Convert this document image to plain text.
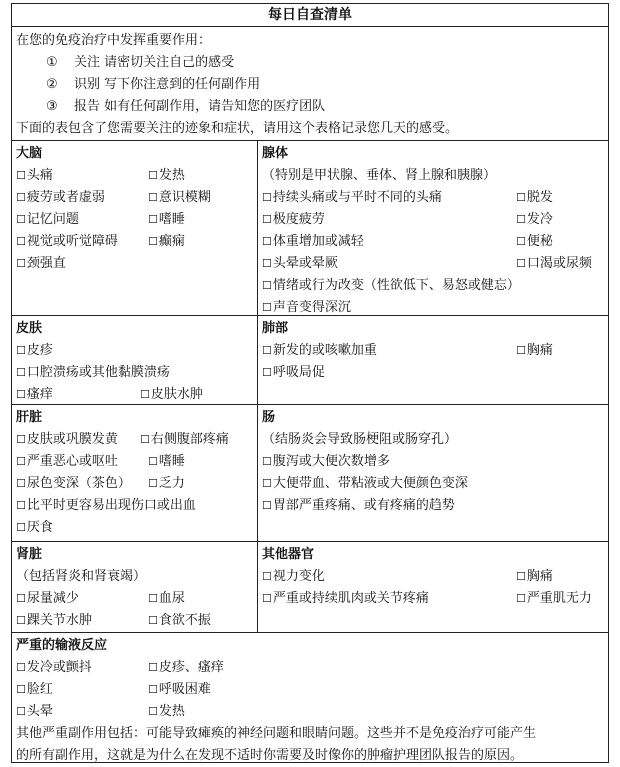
每日自查清单
在您的免疫治疗中发挥重要作用：
① 关注 请密切关注自己的感受
② 识别 写下你注意到的任何副作用
③ 报告 如有任何副作用，请告知您的医疗团队
下面的表包含了您需要关注的迹象和症状，请用这个表格记录您几天的感受。
大脑
☐头痛	☐发热
☐疲劳或者虚弱	☐意识模糊
☐记忆问题	☐嗜睡
☐视觉或听觉障碍	☐癫痫
☐颈强直
腺体
（特别是甲状腺、垂体、肾上腺和胰腺）
☐持续头痛或与平时不同的头痛	☐脱发
☐极度疲劳	☐发冷
☐体重增加或减轻	☐便秘
☐头晕或晕厥	☐口渴或尿频
☐情绪或行为改变（性欲低下、易怒或健忘）
☐声音变得深沉
皮肤
☐皮疹
☐口腔溃疡或其他黏膜溃疡
☐瘙痒	☐皮肤水肿
肺部
☐新发的或咳嗽加重	☐胸痛
☐呼吸局促
肝脏
☐皮肤或巩膜发黄	☐右侧腹部疼痛
☐严重恶心或呕吐	☐嗜睡
☐尿色变深（茶色）	☐乏力
☐比平时更容易出现伤口或出血
☐厌食
肠
（结肠炎会导致肠梗阻或肠穿孔）
☐腹泻或大便次数增多
☐大便带血、带粘液或大便颜色变深
☐胃部严重疼痛、或有疼痛的趋势
肾脏
（包括肾炎和肾衰竭）
☐尿量减少	☐血尿
☐踝关节水肿	☐食欲不振
其他器官
☐视力变化	☐胸痛
☐严重或持续肌肉或关节疼痛	☐严重肌无力
严重的输液反应
☐发冷或颤抖	☐皮疹、瘙痒
☐脸红	☐呼吸困难
☐头晕	☐发热
其他严重副作用包括：可能导致瘫痪的神经问题和眼睛问题。这些并不是免疫治疗可能产生
的所有副作用，这就是为什么在发现不适时你需要及时像你的肿瘤护理团队报告的原因。
